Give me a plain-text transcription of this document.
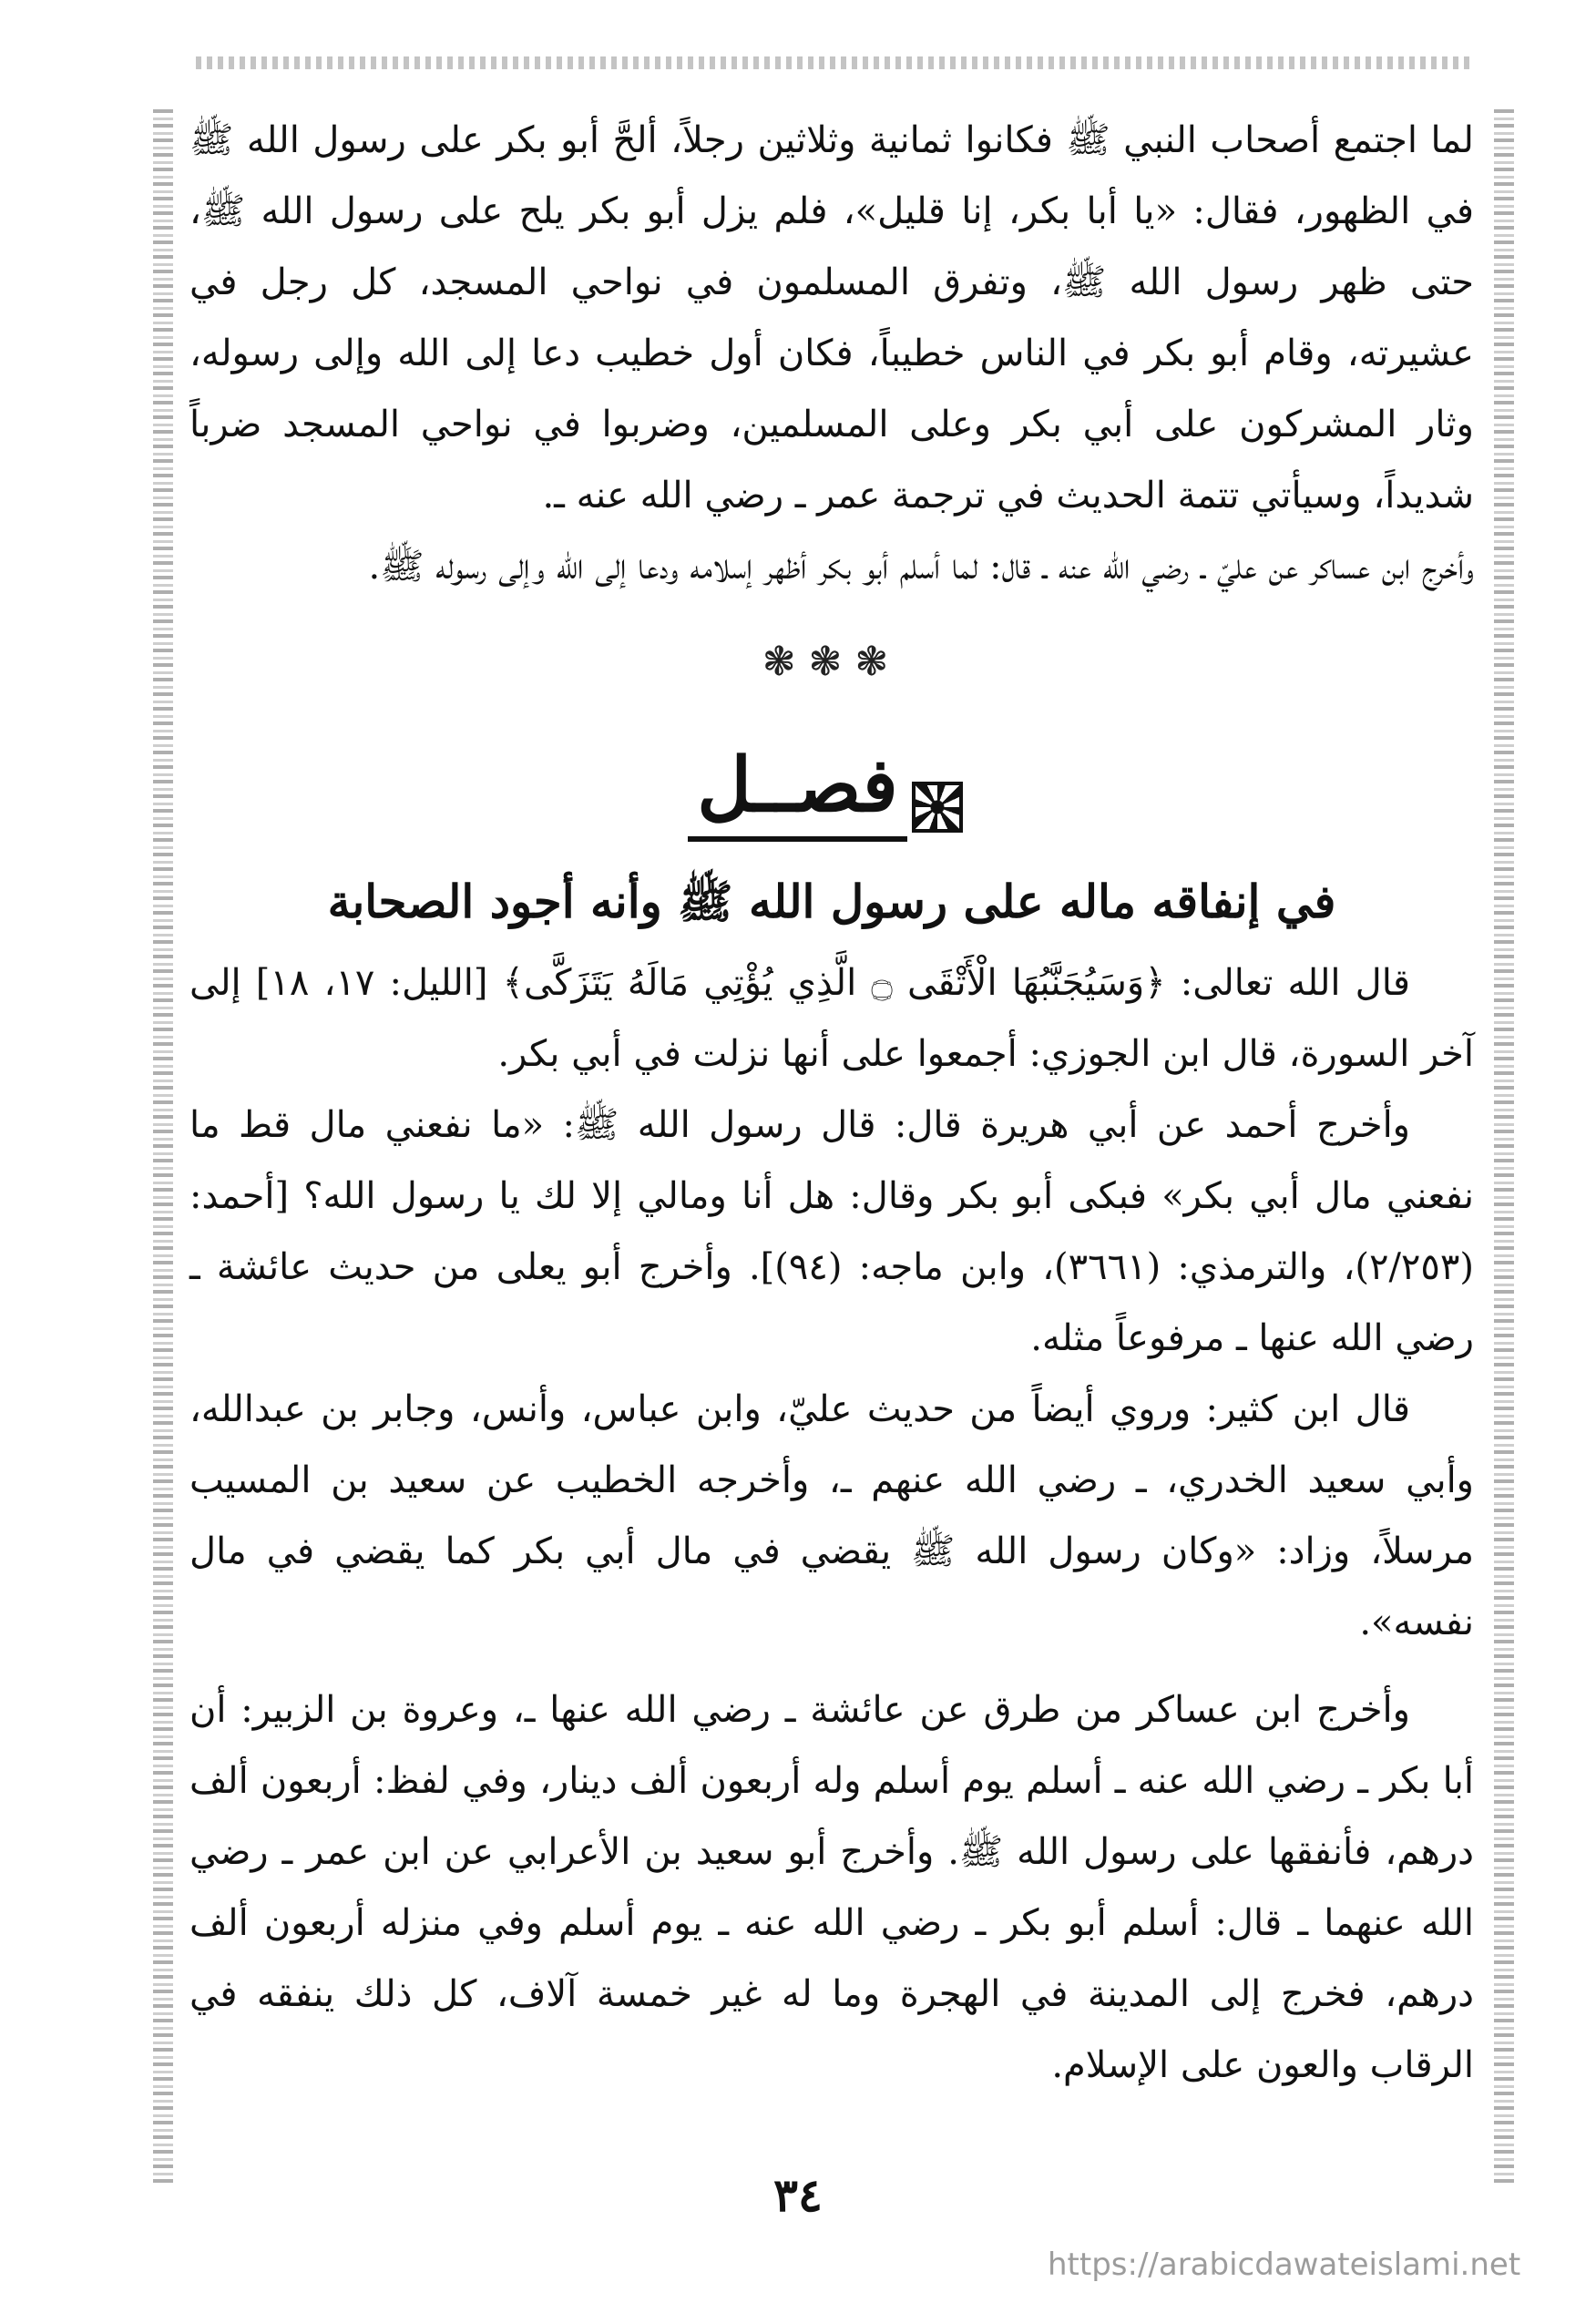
لما اجتمع أصحاب النبي ﷺ فكانوا ثمانية وثلاثين رجلاً، ألحَّ أبو بكر على رسول الله ﷺ في الظهور، فقال: «يا أبا بكر، إنا قليل»، فلم يزل أبو بكر يلح على رسول الله ﷺ، حتى ظهر رسول الله ﷺ، وتفرق المسلمون في نواحي المسجد، كل رجل في عشيرته، وقام أبو بكر في الناس خطيباً، فكان أول خطيب دعا إلى الله وإلى رسوله، وثار المشركون على أبي بكر وعلى المسلمين، وضربوا في نواحي المسجد ضرباً شديداً، وسيأتي تتمة الحديث في ترجمة عمر ـ رضي الله عنه ـ.

وأخرج ابن عساكر عن عليّ ـ رضي الله عنه ـ قال: لما أسلم أبو بكر أظهر إسلامه ودعا إلى الله وإلى رسوله ﷺ.

❃❃❃
فصــل
في إنفاقه ماله على رسول الله ﷺ وأنه أجود الصحابة

قال الله تعالى: ﴿وَسَيُجَنَّبُهَا الْأَتْقَى ۝ الَّذِي يُؤْتِي مَالَهُ يَتَزَكَّى﴾ [الليل: ١٧، ١٨] إلى آخر السورة، قال ابن الجوزي: أجمعوا على أنها نزلت في أبي بكر.

وأخرج أحمد عن أبي هريرة قال: قال رسول الله ﷺ: «ما نفعني مال قط ما نفعني مال أبي بكر» فبكى أبو بكر وقال: هل أنا ومالي إلا لك يا رسول الله؟ [أحمد: (٢/٢٥٣)، والترمذي: (٣٦٦١)، وابن ماجه: (٩٤)]. وأخرج أبو يعلى من حديث عائشة ـ رضي الله عنها ـ مرفوعاً مثله.

قال ابن كثير: وروي أيضاً من حديث عليّ، وابن عباس، وأنس، وجابر بن عبدالله، وأبي سعيد الخدري، ـ رضي الله عنهم ـ، وأخرجه الخطيب عن سعيد بن المسيب مرسلاً، وزاد: «وكان رسول الله ﷺ يقضي في مال أبي بكر كما يقضي في مال نفسه».

وأخرج ابن عساكر من طرق عن عائشة ـ رضي الله عنها ـ، وعروة بن الزبير: أن أبا بكر ـ رضي الله عنه ـ أسلم يوم أسلم وله أربعون ألف دينار، وفي لفظ: أربعون ألف درهم، فأنفقها على رسول الله ﷺ. وأخرج أبو سعيد بن الأعرابي عن ابن عمر ـ رضي الله عنهما ـ قال: أسلم أبو بكر ـ رضي الله عنه ـ يوم أسلم وفي منزله أربعون ألف درهم، فخرج إلى المدينة في الهجرة وما له غير خمسة آلاف، كل ذلك ينفقه في الرقاب والعون على الإسلام.

٣٤
https://arabicdawateislami.net
